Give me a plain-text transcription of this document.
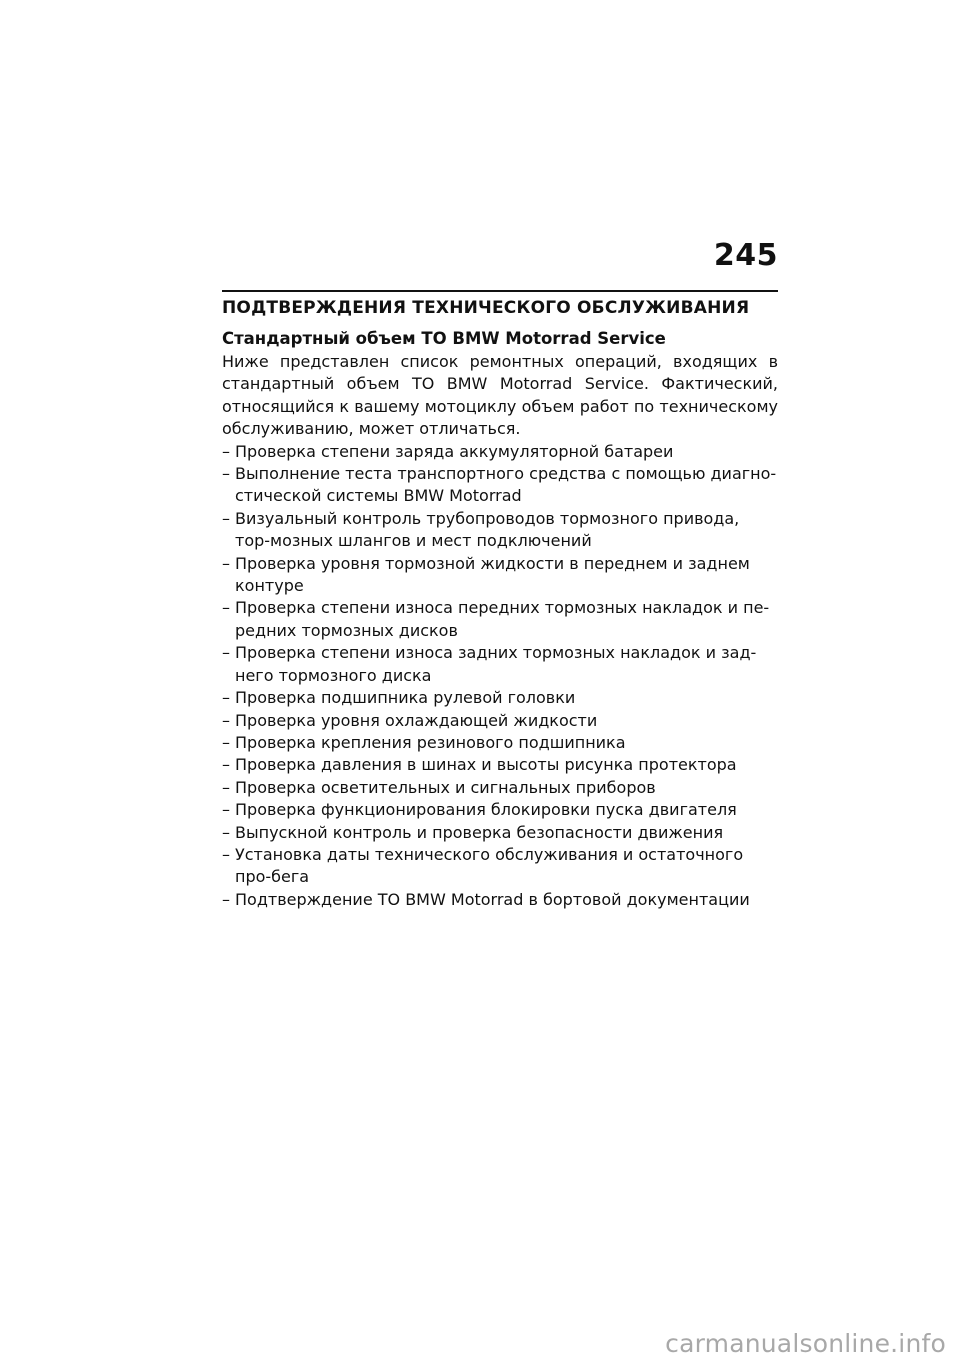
245
ПОДТВЕРЖДЕНИЯ ТЕХНИЧЕСКОГО ОБСЛУЖИВАНИЯ
Стандартный объем ТО BMW Motorrad Service
Ниже представлен список ремонтных операций, входящих в стандартный объем ТО BMW Motorrad Service. Фактический, относящийся к вашему мотоциклу объем работ по техническому обслуживанию, может отличаться.
– Проверка степени заряда аккумуляторной батареи
– Выполнение теста транспортного средства с помощью диагно-стической системы BMW Motorrad
– Визуальный контроль трубопроводов тормозного привода, тор-мозных шлангов и мест подключений
– Проверка уровня тормозной жидкости в переднем и заднем контуре
– Проверка степени износа передних тормозных накладок и пе-редних тормозных дисков
– Проверка степени износа задних тормозных накладок и зад-него тормозного диска
– Проверка подшипника рулевой головки
– Проверка уровня охлаждающей жидкости
– Проверка крепления резинового подшипника
– Проверка давления в шинах и высоты рисунка протектора
– Проверка осветительных и сигнальных приборов
– Проверка функционирования блокировки пуска двигателя
– Выпускной контроль и проверка безопасности движения
– Установка даты технического обслуживания и остаточного про-бега
– Подтверждение ТО BMW Motorrad в бортовой документации
carmanualsonline.info
